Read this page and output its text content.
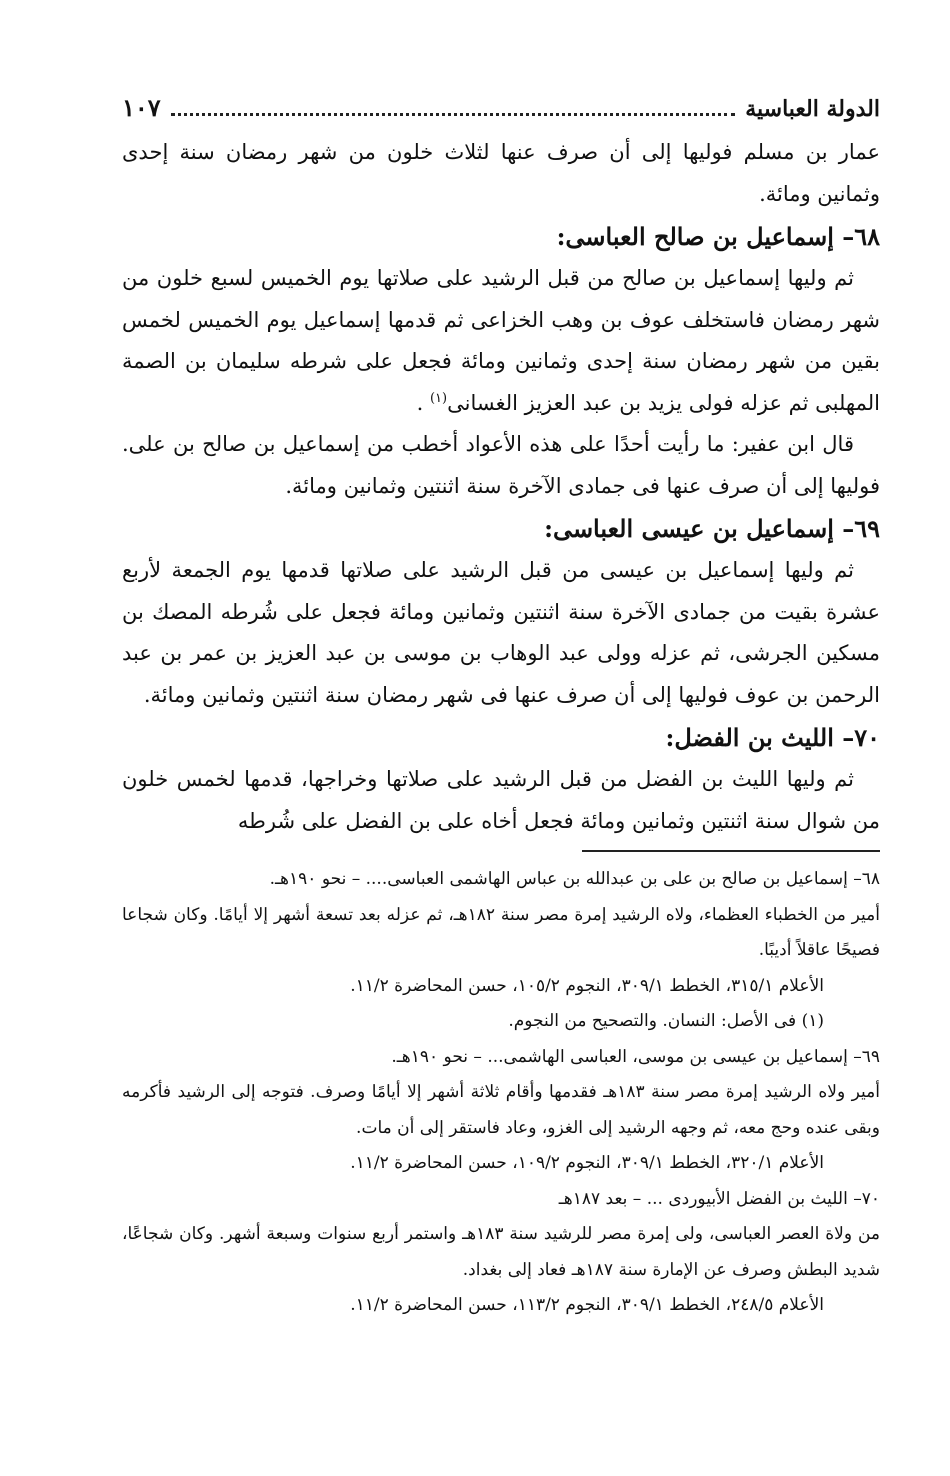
الدولة العباسية
١٠٧

عمار بن مسلم فوليها إلى أن صرف عنها لثلاث خلون من شهر رمضان سنة إحدى وثمانين ومائة.

٦٨– إسماعيل بن صالح العباسى:

ثم وليها إسماعيل بن صالح من قبل الرشيد على صلاتها يوم الخميس لسبع خلون من شهر رمضان فاستخلف عوف بن وهب الخزاعى ثم قدمها إسماعيل يوم الخميس لخمس بقين من شهر رمضان سنة إحدى وثمانين ومائة فجعل على شرطه سليمان بن الصمة المهلبى ثم عزله فولى يزيد بن عبد العزيز الغسانى$^{(١)}$ .

قال ابن عفير: ما رأيت أحدًا على هذه الأعواد أخطب من إسماعيل بن صالح بن على. فوليها إلى أن صرف عنها فى جمادى الآخرة سنة اثنتين وثمانين ومائة.

٦٩– إسماعيل بن عيسى العباسى:

ثم وليها إسماعيل بن عيسى من قبل الرشيد على صلاتها قدمها يوم الجمعة لأربع عشرة بقيت من جمادى الآخرة سنة اثنتين وثمانين ومائة فجعل على شُرطه المصك بن مسكين الجرشى، ثم عزله وولى عبد الوهاب بن موسى بن عبد العزيز بن عمر بن عبد الرحمن بن عوف فوليها إلى أن صرف عنها فى شهر رمضان سنة اثنتين وثمانين ومائة.

٧٠– الليث بن الفضل:

ثم وليها الليث بن الفضل من قبل الرشيد على صلاتها وخراجها، قدمها لخمس خلون من شوال سنة اثنتين وثمانين ومائة فجعل أخاه على بن الفضل على شُرطه

٦٨– إسماعيل بن صالح بن على بن عبدالله بن عباس الهاشمى العباسى.... – نحو ١٩٠هـ.

أمير من الخطباء العظماء، ولاه الرشيد إمرة مصر سنة ١٨٢هـ، ثم عزله بعد تسعة أشهر إلا أيامًا. وكان شجاعا فصيحًا عاقلاً أديبًا.

الأعلام ٣١٥/١، الخطط ٣٠٩/١، النجوم ١٠٥/٢، حسن المحاضرة ١١/٢.

(١) فى الأصل: النسان. والتصحيح من النجوم.

٦٩– إسماعيل بن عيسى بن موسى، العباسى الهاشمى... – نحو ١٩٠هـ.

أمير ولاه الرشيد إمرة مصر سنة ١٨٣هـ فقدمها وأقام ثلاثة أشهر إلا أيامًا وصرف. فتوجه إلى الرشيد فأكرمه وبقى عنده وحج معه، ثم وجهه الرشيد إلى الغزو، وعاد فاستقر إلى أن مات.

الأعلام ٣٢٠/١، الخطط ٣٠٩/١، النجوم ١٠٩/٢، حسن المحاضرة ١١/٢.

٧٠– الليث بن الفضل الأبيوردى ... – بعد ١٨٧هـ

من ولاة العصر العباسى، ولى إمرة مصر للرشيد سنة ١٨٣هـ واستمر أربع سنوات وسبعة أشهر. وكان شجاعًا، شديد البطش وصرف عن الإمارة سنة ١٨٧هـ فعاد إلى بغداد.

الأعلام ٢٤٨/٥، الخطط ٣٠٩/١، النجوم ١١٣/٢، حسن المحاضرة ١١/٢.
